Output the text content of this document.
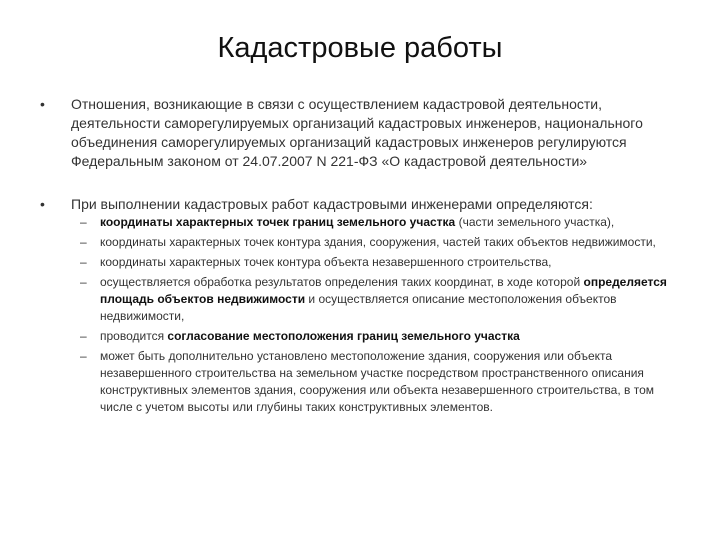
Кадастровые работы
• Отношения, возникающие в связи с осуществлением кадастровой деятельности, деятельности саморегулируемых организаций кадастровых инженеров, национального объединения саморегулируемых организаций кадастровых инженеров регулируются Федеральным законом от 24.07.2007 N 221-ФЗ «О кадастровой деятельности»
• При выполнении кадастровых работ кадастровыми инженерами определяются:
– координаты характерных точек границ земельного участка (части земельного участка),
– координаты характерных точек контура здания, сооружения, частей таких объектов недвижимости,
– координаты характерных точек контура объекта незавершенного строительства,
– осуществляется обработка результатов определения таких координат, в ходе которой определяется площадь объектов недвижимости и осуществляется описание местоположения объектов недвижимости,
– проводится согласование местоположения границ земельного участка
– может быть дополнительно установлено местоположение здания, сооружения или объекта незавершенного строительства на земельном участке посредством пространственного описания конструктивных элементов здания, сооружения или объекта незавершенного строительства, в том числе с учетом высоты или глубины таких конструктивных элементов.
